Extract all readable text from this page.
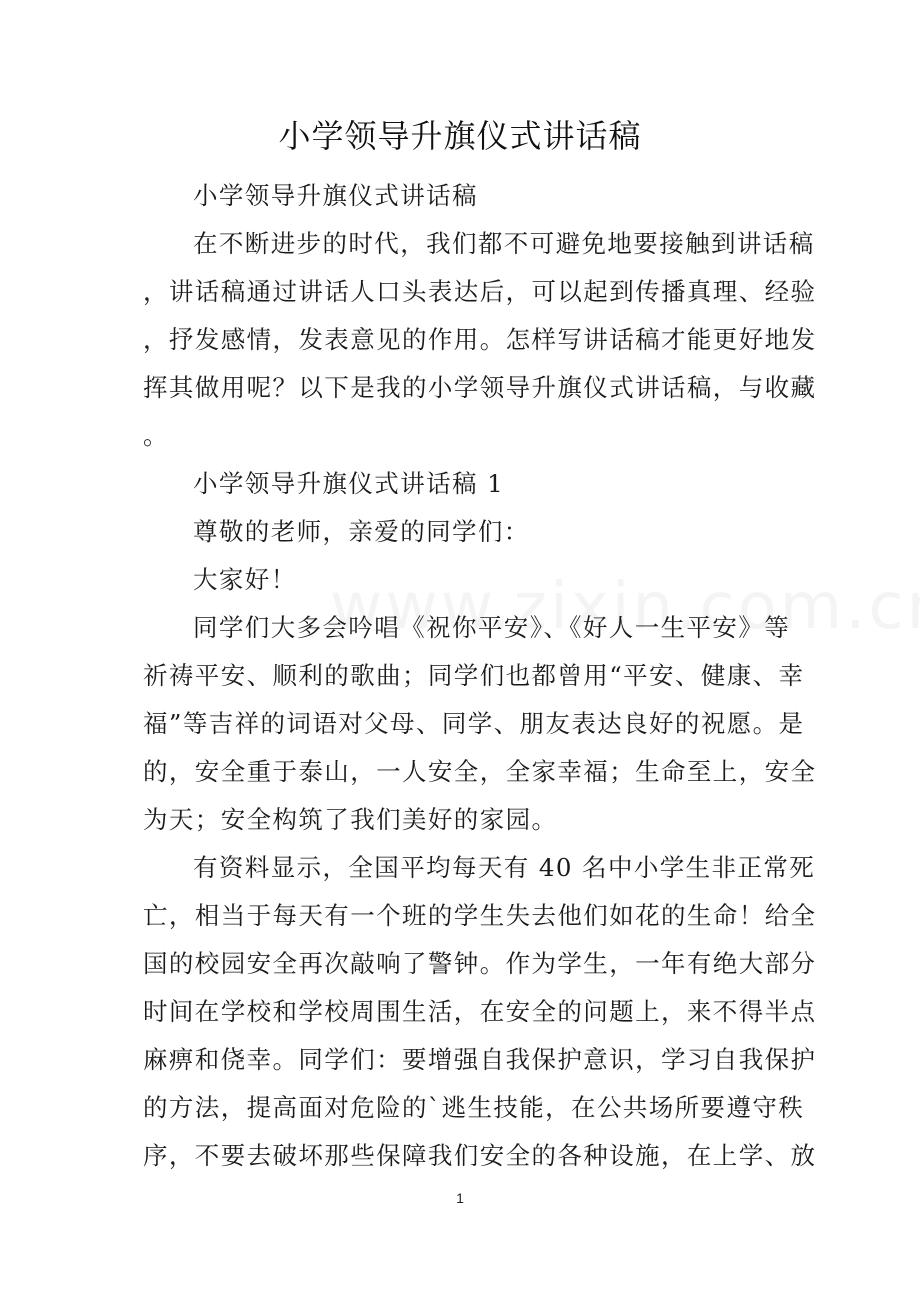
小学领导升旗仪式讲话稿

小学领导升旗仪式讲话稿

在不断进步的时代，我们都不可避免地要接触到讲话稿
，讲话稿通过讲话人口头表达后，可以起到传播真理、经验
，抒发感情，发表意见的作用。怎样写讲话稿才能更好地发
挥其做用呢？以下是我的小学领导升旗仪式讲话稿，与收藏
。

小学领导升旗仪式讲话稿 1

尊敬的老师，亲爱的同学们：

大家好！

同学们大多会吟唱《祝你平安》、《好人一生平安》等
祈祷平安、顺利的歌曲；同学们也都曾用“平安、健康、幸
福”等吉祥的词语对父母、同学、朋友表达良好的祝愿。是
的，安全重于泰山，一人安全，全家幸福；生命至上，安全
为天；安全构筑了我们美好的家园。

有资料显示，全国平均每天有 40 名中小学生非正常死
亡，相当于每天有一个班的学生失去他们如花的生命！给全
国的校园安全再次敲响了警钟。作为学生，一年有绝大部分
时间在学校和学校周围生活，在安全的问题上，来不得半点
麻痹和侥幸。同学们：要增强自我保护意识，学习自我保护
的方法，提高面对危险的`逃生技能，在公共场所要遵守秩
序，不要去破坏那些保障我们安全的各种设施，在上学、放

1
